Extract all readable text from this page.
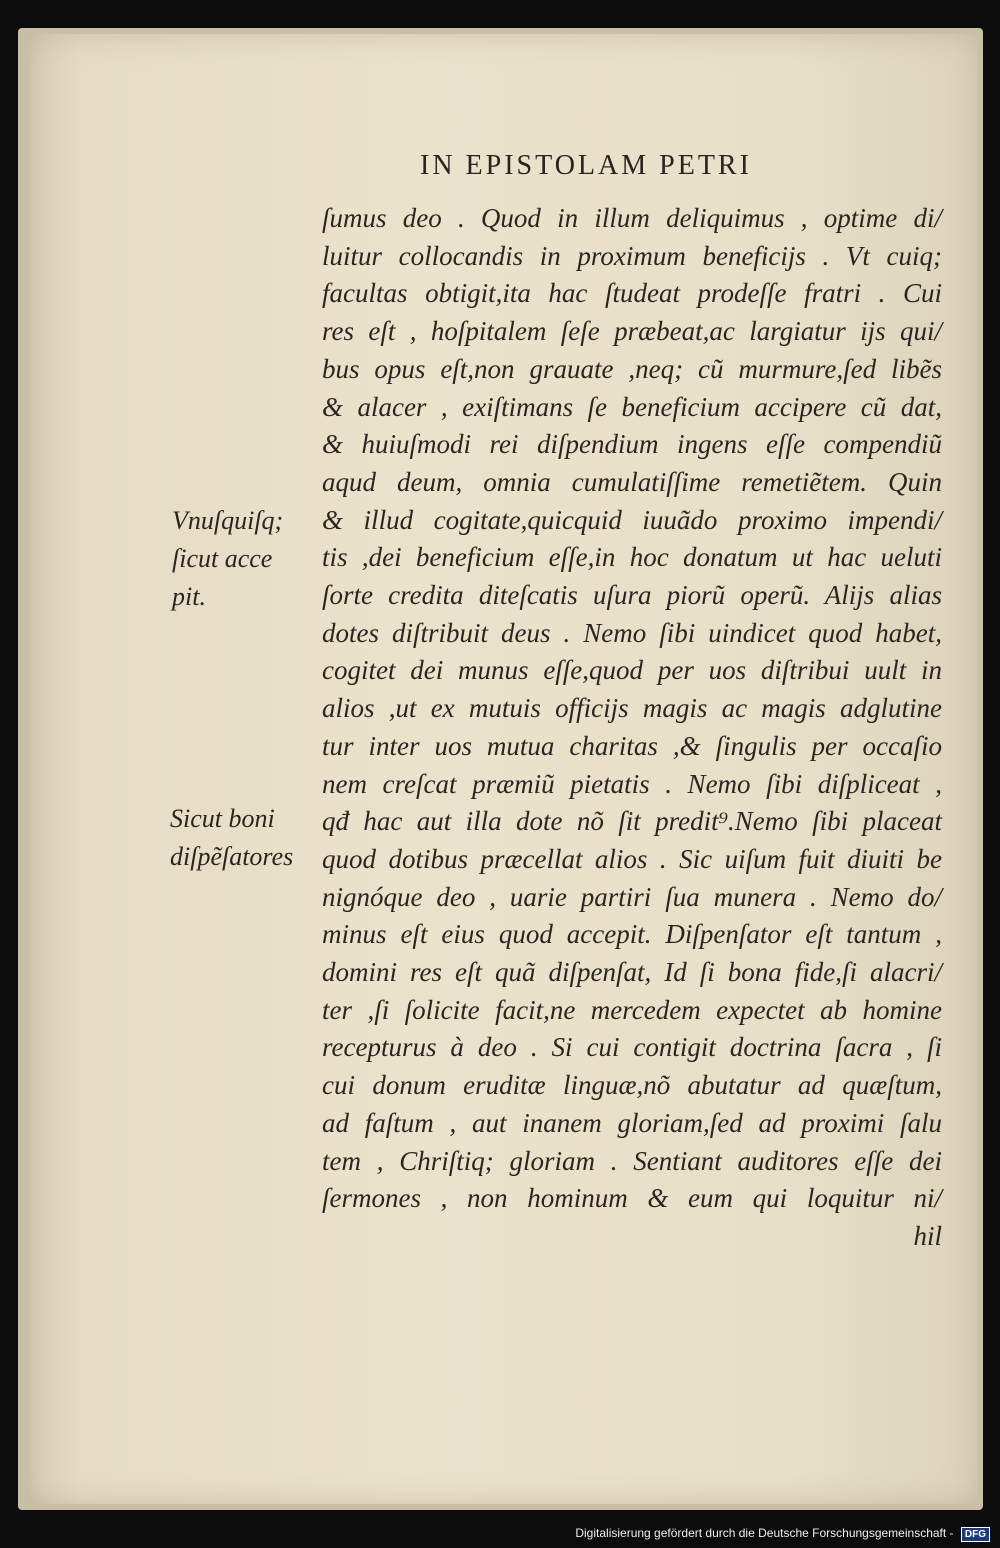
IN EPISTOLAM PETRI
ſumus deo . Quod in illum deliquimus , optime di/
luitur collocandis in proximum beneficijs . Vt cuiq;
facultas obtigit,ita hac ſtudeat prodeſſe fratri . Cui
res eſt , hoſpitalem ſeſe præbeat,ac largiatur ijs qui/
bus opus eſt,non grauate ,neq; cũ murmure,ſed libẽs
& alacer , exiſtimans ſe beneficium accipere cũ dat,
& huiuſmodi rei diſpendium ingens eſſe compendiũ
aqud deum, omnia cumulatiſſime remetiẽtem. Quin
& illud cogitate,quicquid iuuãdo proximo impendi/
tis ,dei beneficium eſſe,in hoc donatum ut hac ueluti
ſorte credita diteſcatis uſura piorũ operũ. Alijs alias
dotes diſtribuit deus . Nemo ſibi uindicet quod habet,
cogitet dei munus eſſe,quod per uos diſtribui uult in
alios ,ut ex mutuis officijs magis ac magis adglutine
tur inter uos mutua charitas ,& ſingulis per occaſio
nem creſcat præmiũ pietatis . Nemo ſibi diſpliceat ,
qđ hac aut illa dote nõ ſit predit⁹.Nemo ſibi placeat
quod dotibus præcellat alios . Sic uiſum fuit diuiti be
nignóque deo , uarie partiri ſua munera . Nemo do/
minus eſt eius quod accepit. Diſpenſator eſt tantum ,
domini res eſt quã diſpenſat, Id ſi bona fide,ſi alacri/
ter ,ſi ſolicite facit,ne mercedem expectet ab homine
recepturus à deo . Si cui contigit doctrina ſacra , ſi
cui donum eruditæ linguæ,nõ abutatur ad quæſtum,
ad faſtum , aut inanem gloriam,ſed ad proximi ſalu
tem , Chriſtiq; gloriam . Sentiant auditores eſſe dei
ſermones , non hominum & eum qui loquitur ni/
hil
Vnuſquiſq;
ſicut acce
pit.
Sicut boni
diſpẽſatores
Digitalisierung gefördert durch die Deutsche Forschungsgemeinschaft - DFG
